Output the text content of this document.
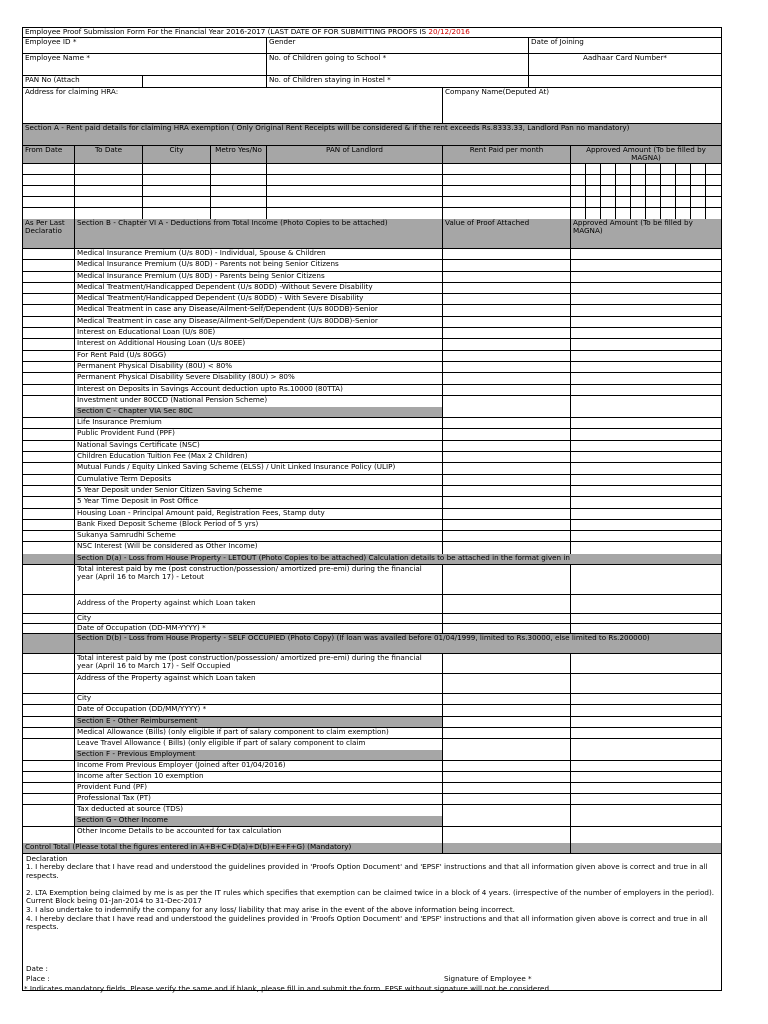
Employee Proof Submission Form For the Financial Year 2016-2017 (LAST DATE OF FOR SUBMITTING PROOFS IS 20/12/2016
Employee ID *	Gender	Date of Joining
Employee Name *	No. of Children going to School *	Aadhaar Card Number*
PAN No (Attach	No. of Children staying in Hostel *
Address for claiming HRA:	Company Name(Deputed At)
Section A - Rent paid details for claiming HRA exemption ( Only Original Rent Receipts will be considered & if the rent exceeds Rs.8333.33, Landlord Pan no mandatory)
From Date	To Date	City	Metro Yes/No	PAN of Landlord	Rent Paid per month	Approved Amount (To be filled by MAGNA)
As Per Last Declaratio
Section B - Chapter VI A - Deductions from Total Income (Photo Copies to be attached)	Value of Proof Attached	Approved Amount (To be filled by MAGNA)
Medical Insurance Premium (U/s 80D) - Individual, Spouse & Children
Medical Insurance Premium (U/s 80D) - Parents not being Senior Citizens
Medical Insurance Premium (U/s 80D) - Parents being Senior Citizens
Medical Treatment/Handicapped Dependent (U/s 80DD) -Without Severe Disability
Medical Treatment/Handicapped Dependent (U/s 80DD) - With Severe Disability
Medical Treatment in case any Disease/Ailment-Self/Dependent (U/s 80DDB)-Senior
Medical Treatment in case any Disease/Ailment-Self/Dependent (U/s 80DDB)-Senior
Interest on Educational Loan (U/s 80E)
Interest on Additional Housing Loan (U/s 80EE)
For Rent Paid (U/s 80GG)
Permanent Physical Disability (80U) < 80%
Permanent Physical Disability Severe Disability (80U) > 80%
Interest on Deposits in Savings Account deduction upto Rs.10000 (80TTA)
Investment under 80CCD (National Pension Scheme)
Section C - Chapter VIA Sec 80C
Life Insurance Premium
Public Provident Fund (PPF)
National Savings Certificate (NSC)
Children Education Tuition Fee (Max 2 Children)
Mutual Funds / Equity Linked Saving Scheme (ELSS) / Unit Linked Insurance Policy (ULIP)
Cumulative Term Deposits
5 Year Deposit under Senior Citizen Saving Scheme
5 Year Time Deposit in Post Office
Housing Loan - Principal Amount paid, Registration Fees, Stamp duty
Bank Fixed Deposit Scheme (Block Period of 5 yrs)
Sukanya Samrudhi Scheme
NSC Interest (Will be considered as Other Income)
Section D(a) - Loss from House Property - LETOUT (Photo Copies to be attached) Calculation details to be attached in the format given in
Total interest paid by me (post construction/possession/ amortized pre-emi) during the financial year (April 16 to March 17) - Letout
Address of the Property against which Loan taken
City
Date of Occupation (DD-MM-YYYY) *
Section D(b) - Loss from House Property - SELF OCCUPIED (Photo Copy) (If loan was availed before 01/04/1999, limited to Rs.30000, else limited to Rs.200000)
Total interest paid by me (post construction/possession/ amortized pre-emi) during the financial year (April 16 to March 17) - Self Occupied
Address of the Property against which Loan taken
City
Date of Occupation (DD/MM/YYYY) *
Section E - Other Reimbursement
Medical Allowance (Bills) (only eligible if part of salary component to claim exemption)
Leave Travel Allowance ( Bills) (only eligible if part of salary component to claim
Section F - Previous Employment
Income From Previous Employer (Joined after 01/04/2016)
Income after Section 10 exemption
Provident Fund (PF)
Professional Tax (PT)
Tax deducted at source (TDS)
Section G - Other Income
Other Income Details to be accounted for tax calculation
Control Total (Please total the figures entered in A+B+C+D(a)+D(b)+E+F+G) (Mandatory)

Declaration

1. I hereby declare that I have read and understood the guidelines provided in 'Proofs Option Document' and 'EPSF' instructions and that all information given above is correct and true in all respects.

2. LTA Exemption being claimed by me is as per the IT rules which specifies that exemption can be claimed twice in a block of 4 years. (irrespective of the number of employers in the period). Current Block being 01-Jan-2014 to 31-Dec-2017

3. I also undertake to indemnify the company for any loss/ liability that may arise in the event of the above information being incorrect.

4. I hereby declare that I have read and understood the guidelines provided in 'Proofs Option Document' and 'EPSF' instructions and that all information given above is correct and true in all respects.

Date :
Place :	Signature of Employee *
* Indicates mandatory fields. Please verify the same and if blank, please fill in and submit the form. EPSF without signature will not be considered.
